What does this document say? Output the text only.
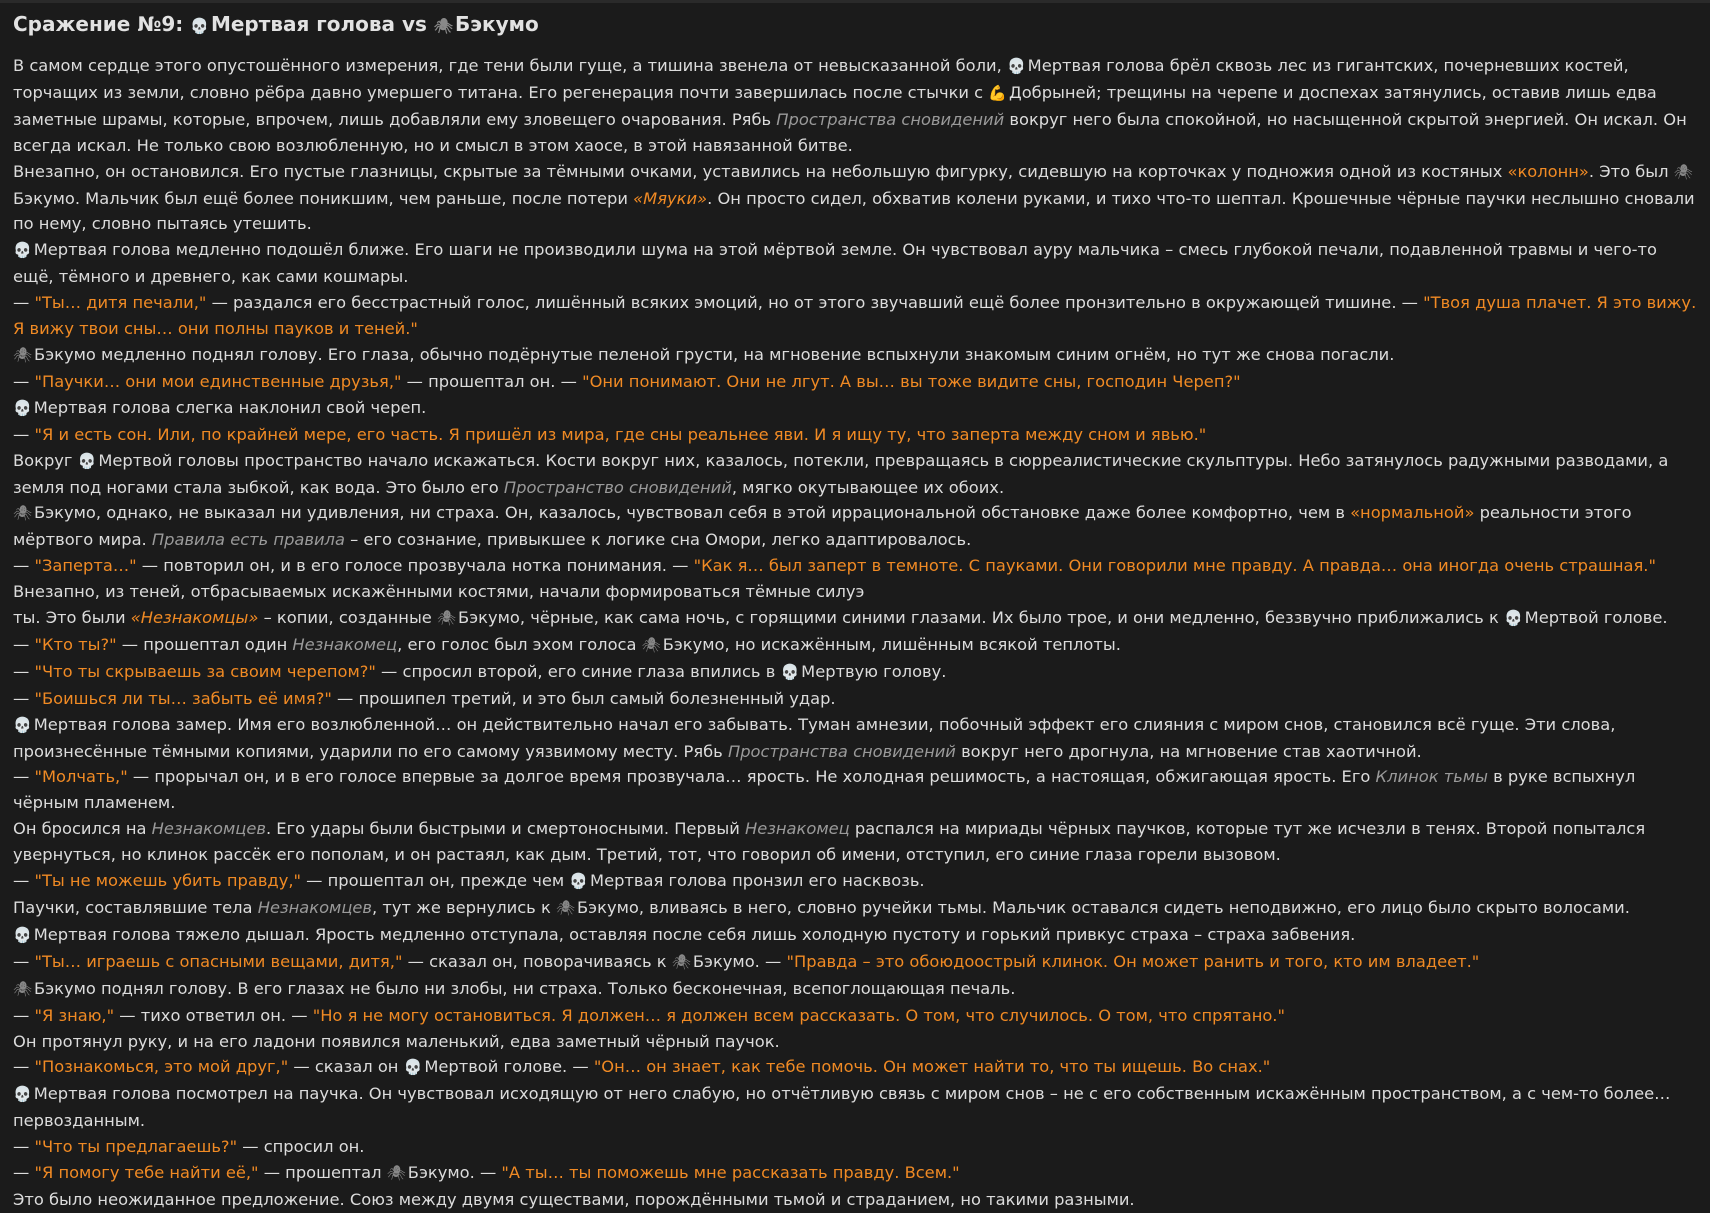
Сражение №9: 💀 Мертвая голова vs 🕷 Бэкумо

В самом сердце этого опустошённого измерения, где тени были гуще, а тишина звенела от невысказанной боли, 💀 Мертвая голова брёл сквозь лес из гигантских, почерневших костей, торчащих из земли, словно рёбра давно умершего титана. Его регенерация почти завершилась после стычки с 💪 Добрыней; трещины на черепе и доспехах затянулись, оставив лишь едва заметные шрамы, которые, впрочем, лишь добавляли ему зловещего очарования. Рябь Пространства сновидений вокруг него была спокойной, но насыщенной скрытой энергией. Он искал. Он всегда искал. Не только свою возлюбленную, но и смысл в этом хаосе, в этой навязанной битве.

Внезапно, он остановился. Его пустые глазницы, скрытые за тёмными очками, уставились на небольшую фигурку, сидевшую на корточках у подножия одной из костяных «колонн». Это был 🕷 Бэкумо. Мальчик был ещё более поникшим, чем раньше, после потери «Мяуки». Он просто сидел, обхватив колени руками, и тихо что-то шептал. Крошечные чёрные паучки неслышно сновали по нему, словно пытаясь утешить.

💀 Мертвая голова медленно подошёл ближе. Его шаги не производили шума на этой мёртвой земле. Он чувствовал ауру мальчика – смесь глубокой печали, подавленной травмы и чего-то ещё, тёмного и древнего, как сами кошмары.

— "Ты… дитя печали," — раздался его бесстрастный голос, лишённый всяких эмоций, но от этого звучавший ещё более пронзительно в окружающей тишине. — "Твоя душа плачет. Я это вижу. Я вижу твои сны… они полны пауков и теней."

🕷 Бэкумо медленно поднял голову. Его глаза, обычно подёрнутые пеленой грусти, на мгновение вспыхнули знакомым синим огнём, но тут же снова погасли.

— "Паучки… они мои единственные друзья," — прошептал он. — "Они понимают. Они не лгут. А вы… вы тоже видите сны, господин Череп?"

💀 Мертвая голова слегка наклонил свой череп.

— "Я и есть сон. Или, по крайней мере, его часть. Я пришёл из мира, где сны реальнее яви. И я ищу ту, что заперта между сном и явью."

Вокруг 💀 Мертвой головы пространство начало искажаться. Кости вокруг них, казалось, потекли, превращаясь в сюрреалистические скульптуры. Небо затянулось радужными разводами, а земля под ногами стала зыбкой, как вода. Это было его Пространство сновидений, мягко окутывающее их обоих.

🕷 Бэкумо, однако, не выказал ни удивления, ни страха. Он, казалось, чувствовал себя в этой иррациональной обстановке даже более комфортно, чем в «нормальной» реальности этого мёртвого мира. Правила есть правила – его сознание, привыкшее к логике сна Омори, легко адаптировалось.

— "Заперта…" — повторил он, и в его голосе прозвучала нотка понимания. — "Как я… был заперт в темноте. С пауками. Они говорили мне правду. А правда… она иногда очень страшная."

Внезапно, из теней, отбрасываемых искажёнными костями, начали формироваться тёмные силуэ

ты. Это были «Незнакомцы» – копии, созданные 🕷 Бэкумо, чёрные, как сама ночь, с горящими синими глазами. Их было трое, и они медленно, беззвучно приближались к 💀 Мертвой голове.

— "Кто ты?" — прошептал один Незнакомец, его голос был эхом голоса 🕷 Бэкумо, но искажённым, лишённым всякой теплоты.

— "Что ты скрываешь за своим черепом?" — спросил второй, его синие глаза впились в 💀 Мертвую голову.

— "Боишься ли ты… забыть её имя?" — прошипел третий, и это был самый болезненный удар.

💀 Мертвая голова замер. Имя его возлюбленной… он действительно начал его забывать. Туман амнезии, побочный эффект его слияния с миром снов, становился всё гуще. Эти слова, произнесённые тёмными копиями, ударили по его самому уязвимому месту. Рябь Пространства сновидений вокруг него дрогнула, на мгновение став хаотичной.

— "Молчать," — прорычал он, и в его голосе впервые за долгое время прозвучала… ярость. Не холодная решимость, а настоящая, обжигающая ярость. Его Клинок тьмы в руке вспыхнул чёрным пламенем.

Он бросился на Незнакомцев. Его удары были быстрыми и смертоносными. Первый Незнакомец распался на мириады чёрных паучков, которые тут же исчезли в тенях. Второй попытался увернуться, но клинок рассёк его пополам, и он растаял, как дым. Третий, тот, что говорил об имени, отступил, его синие глаза горели вызовом.

— "Ты не можешь убить правду," — прошептал он, прежде чем 💀 Мертвая голова пронзил его насквозь.

Паучки, составлявшие тела Незнакомцев, тут же вернулись к 🕷 Бэкумо, вливаясь в него, словно ручейки тьмы. Мальчик оставался сидеть неподвижно, его лицо было скрыто волосами.

💀 Мертвая голова тяжело дышал. Ярость медленно отступала, оставляя после себя лишь холодную пустоту и горький привкус страха – страха забвения.

— "Ты… играешь с опасными вещами, дитя," — сказал он, поворачиваясь к 🕷 Бэкумо. — "Правда – это обоюдоострый клинок. Он может ранить и того, кто им владеет."

🕷 Бэкумо поднял голову. В его глазах не было ни злобы, ни страха. Только бесконечная, всепоглощающая печаль.

— "Я знаю," — тихо ответил он. — "Но я не могу остановиться. Я должен… я должен всем рассказать. О том, что случилось. О том, что спрятано."

Он протянул руку, и на его ладони появился маленький, едва заметный чёрный паучок.

— "Познакомься, это мой друг," — сказал он 💀 Мертвой голове. — "Он… он знает, как тебе помочь. Он может найти то, что ты ищешь. Во снах."

💀 Мертвая голова посмотрел на паучка. Он чувствовал исходящую от него слабую, но отчётливую связь с миром снов – не с его собственным искажённым пространством, а с чем-то более… первозданным.

— "Что ты предлагаешь?" — спросил он.

— "Я помогу тебе найти её," — прошептал 🕷 Бэкумо. — "А ты… ты поможешь мне рассказать правду. Всем."

Это было неожиданное предложение. Союз между двумя существами, порождёнными тьмой и страданием, но такими разными.
